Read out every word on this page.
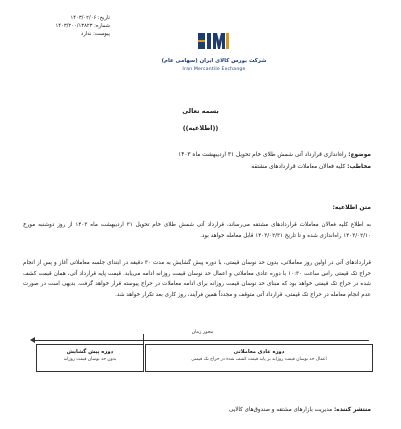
تاریخ: ۱۴۰۳/۰۲/۰۶
شماره: ۱۴۰۳/۲۰۰/۱۳۸۲۳
پیوست: ندارد
شرکت بورس کالای ایران (سهامی عام)
Iran Mercantile Exchange
بسمه تعالی
((اطلاعیه))
موضوع: راه‌اندازی قرارداد آتی شمش طلای خام تحویل ۳۱ اردیبهشت ماه ۱۴۰۳
مخاطب: کلیه فعالان معاملات قراردادهای مشتقه
متن اطلاعیه:
به اطلاع کلیه فعالان معاملات قراردادهای مشتقه می‌رساند، قرارداد آتی شمش طلای خام تحویل ۳۱ اردیبهشت ماه ۱۴۰۳ از روز دوشنبه مورخ ۱۴۰۳/۰۲/۱۰ راه‌اندازی شده و تا تاریخ ۱۴۰۳/۰۲/۳۱ قابل معامله خواهد بود.
قراردادهای آتی در اولین روز معاملاتی، بدون حد نوسان قیمتی، با دوره پیش گشایش به مدت ۳۰ دقیقه در ابتدای جلسه معاملاتی آغاز و پس از انجام حراج تک قیمتی راس ساعت ۱۰:۳۰ با دوره عادی معاملاتی و اعمال حد نوسان قیمت روزانه ادامه می‌یابد. قیمت پایه قرارداد آتی، همان قیمت کشف شده در حراج تک قیمتی خواهد بود که مبنای حد نوسان قیمت روزانه برای ادامه معاملات در حراج پیوسته قرار خواهد گرفت. بدیهی است در صورت عدم انجام معامله در حراج تک قیمتی، قرارداد آتی متوقف و مجدداً همین فرآیند، روز کاری بعد تکرار خواهد شد.
محور زمان
دوره عادی معاملاتی
اعمال حد نوسان قیمت روزانه بر پایه قیمت کشف شده در حراج تک قیمتی
دوره پیش گشایش
بدون حد نوسان قیمت روزانه
منتشر کننده: مدیریت بازارهای مشتقه و صندوق‌های کالایی
